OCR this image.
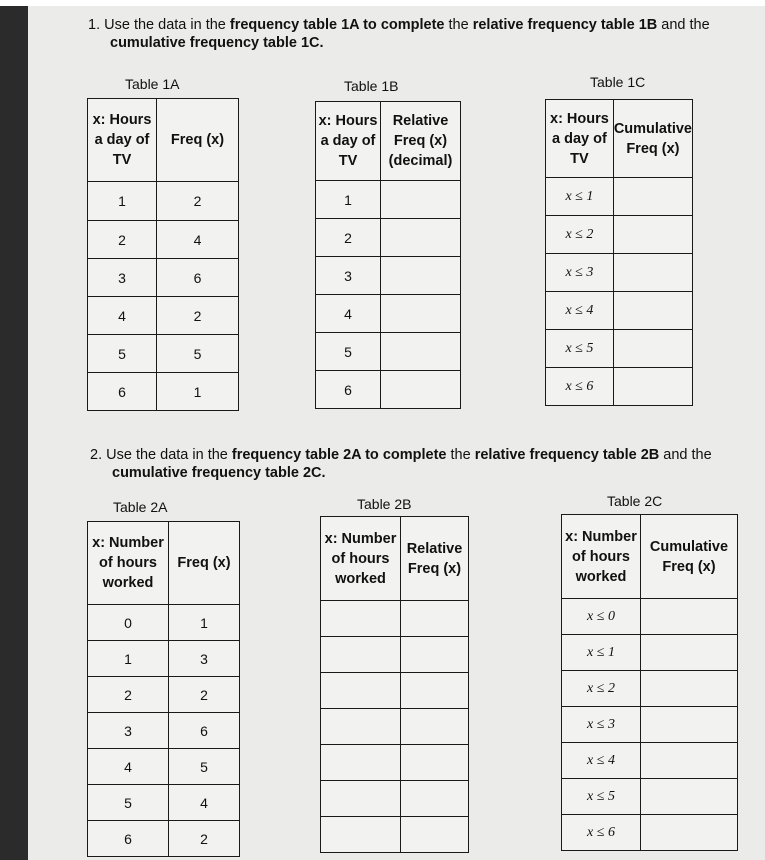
1. Use the data in the frequency table 1A to complete the relative frequency table 1B and the
cumulative frequency table 1C.
Table 1A	Table 1B	Table 1C
x: Hours a day of TV	Freq (x)
1	2
2	4
3	6
4	2
5	5
6	1
x: Hours a day of TV	Relative Freq (x) (decimal)
1	
2	
3	
4	
5	
6	
x: Hours a day of TV	Cumulative Freq (x)
x ≤ 1	
x ≤ 2	
x ≤ 3	
x ≤ 4	
x ≤ 5	
x ≤ 6	
2. Use the data in the frequency table 2A to complete the relative frequency table 2B and the
cumulative frequency table 2C.
Table 2A	Table 2B	Table 2C
x: Number of hours worked	Freq (x)
0	1
1	3
2	2
3	6
4	5
5	4
6	2
x: Number of hours worked	Relative Freq (x)

x: Number of hours worked	Cumulative Freq (x)
x ≤ 0	
x ≤ 1	
x ≤ 2	
x ≤ 3	
x ≤ 4	
x ≤ 5	
x ≤ 6	
